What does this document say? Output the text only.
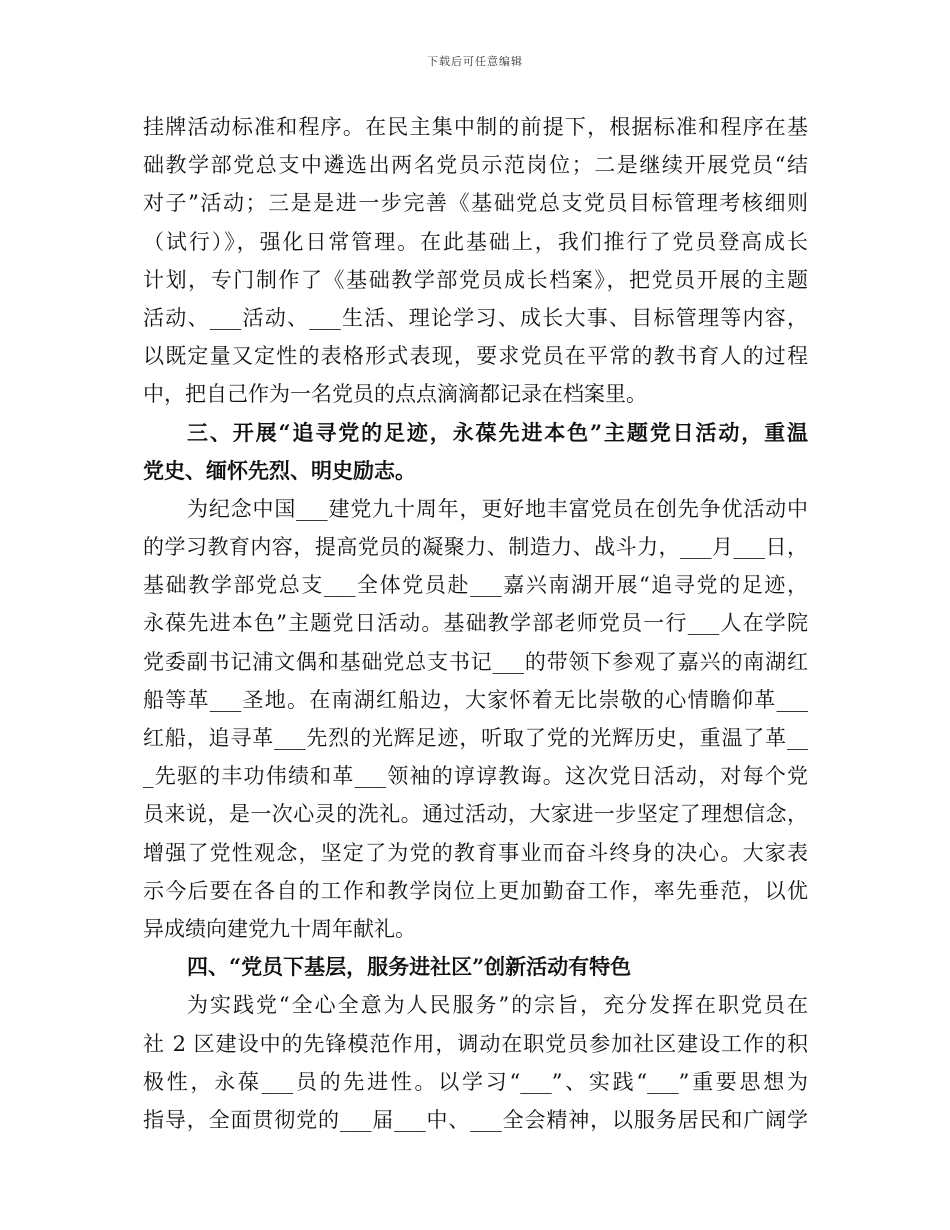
下载后可任意编辑
挂牌活动标准和程序。在民主集中制的前提下，根据标准和程序在基
础教学部党总支中遴选出两名党员示范岗位；二是继续开展党员“结
对子”活动；三是是进一步完善《基础党总支党员目标管理考核细则
（试行）》，强化日常管理。在此基础上，我们推行了党员登高成长
计划，专门制作了《基础教学部党员成长档案》，把党员开展的主题
活动、___活动、___生活、理论学习、成长大事、目标管理等内容，
以既定量又定性的表格形式表现，要求党员在平常的教书育人的过程
中，把自己作为一名党员的点点滴滴都记录在档案里。
三、开展“追寻党的足迹，永葆先进本色”主题党日活动，重温
党史、缅怀先烈、明史励志。
为纪念中国___建党九十周年，更好地丰富党员在创先争优活动中
的学习教育内容，提高党员的凝聚力、制造力、战斗力，___月___日，
基础教学部党总支___全体党员赴___嘉兴南湖开展“追寻党的足迹，
永葆先进本色”主题党日活动。基础教学部老师党员一行___人在学院
党委副书记浦文偶和基础党总支书记___的带领下参观了嘉兴的南湖红
船等革___圣地。在南湖红船边，大家怀着无比崇敬的心情瞻仰革___
红船，追寻革___先烈的光辉足迹，听取了党的光辉历史，重温了革__
_先驱的丰功伟绩和革___领袖的谆谆教诲。这次党日活动，对每个党
员来说，是一次心灵的洗礼。通过活动，大家进一步坚定了理想信念，
增强了党性观念，坚定了为党的教育事业而奋斗终身的决心。大家表
示今后要在各自的工作和教学岗位上更加勤奋工作，率先垂范，以优
异成绩向建党九十周年献礼。
四、“党员下基层，服务进社区”创新活动有特色
为实践党“全心全意为人民服务”的宗旨，充分发挥在职党员在
社 2 区建设中的先锋模范作用，调动在职党员参加社区建设工作的积
极性，永葆___员的先进性。以学习“___”、实践“___”重要思想为
指导，全面贯彻党的___届___中、___全会精神，以服务居民和广阔学
